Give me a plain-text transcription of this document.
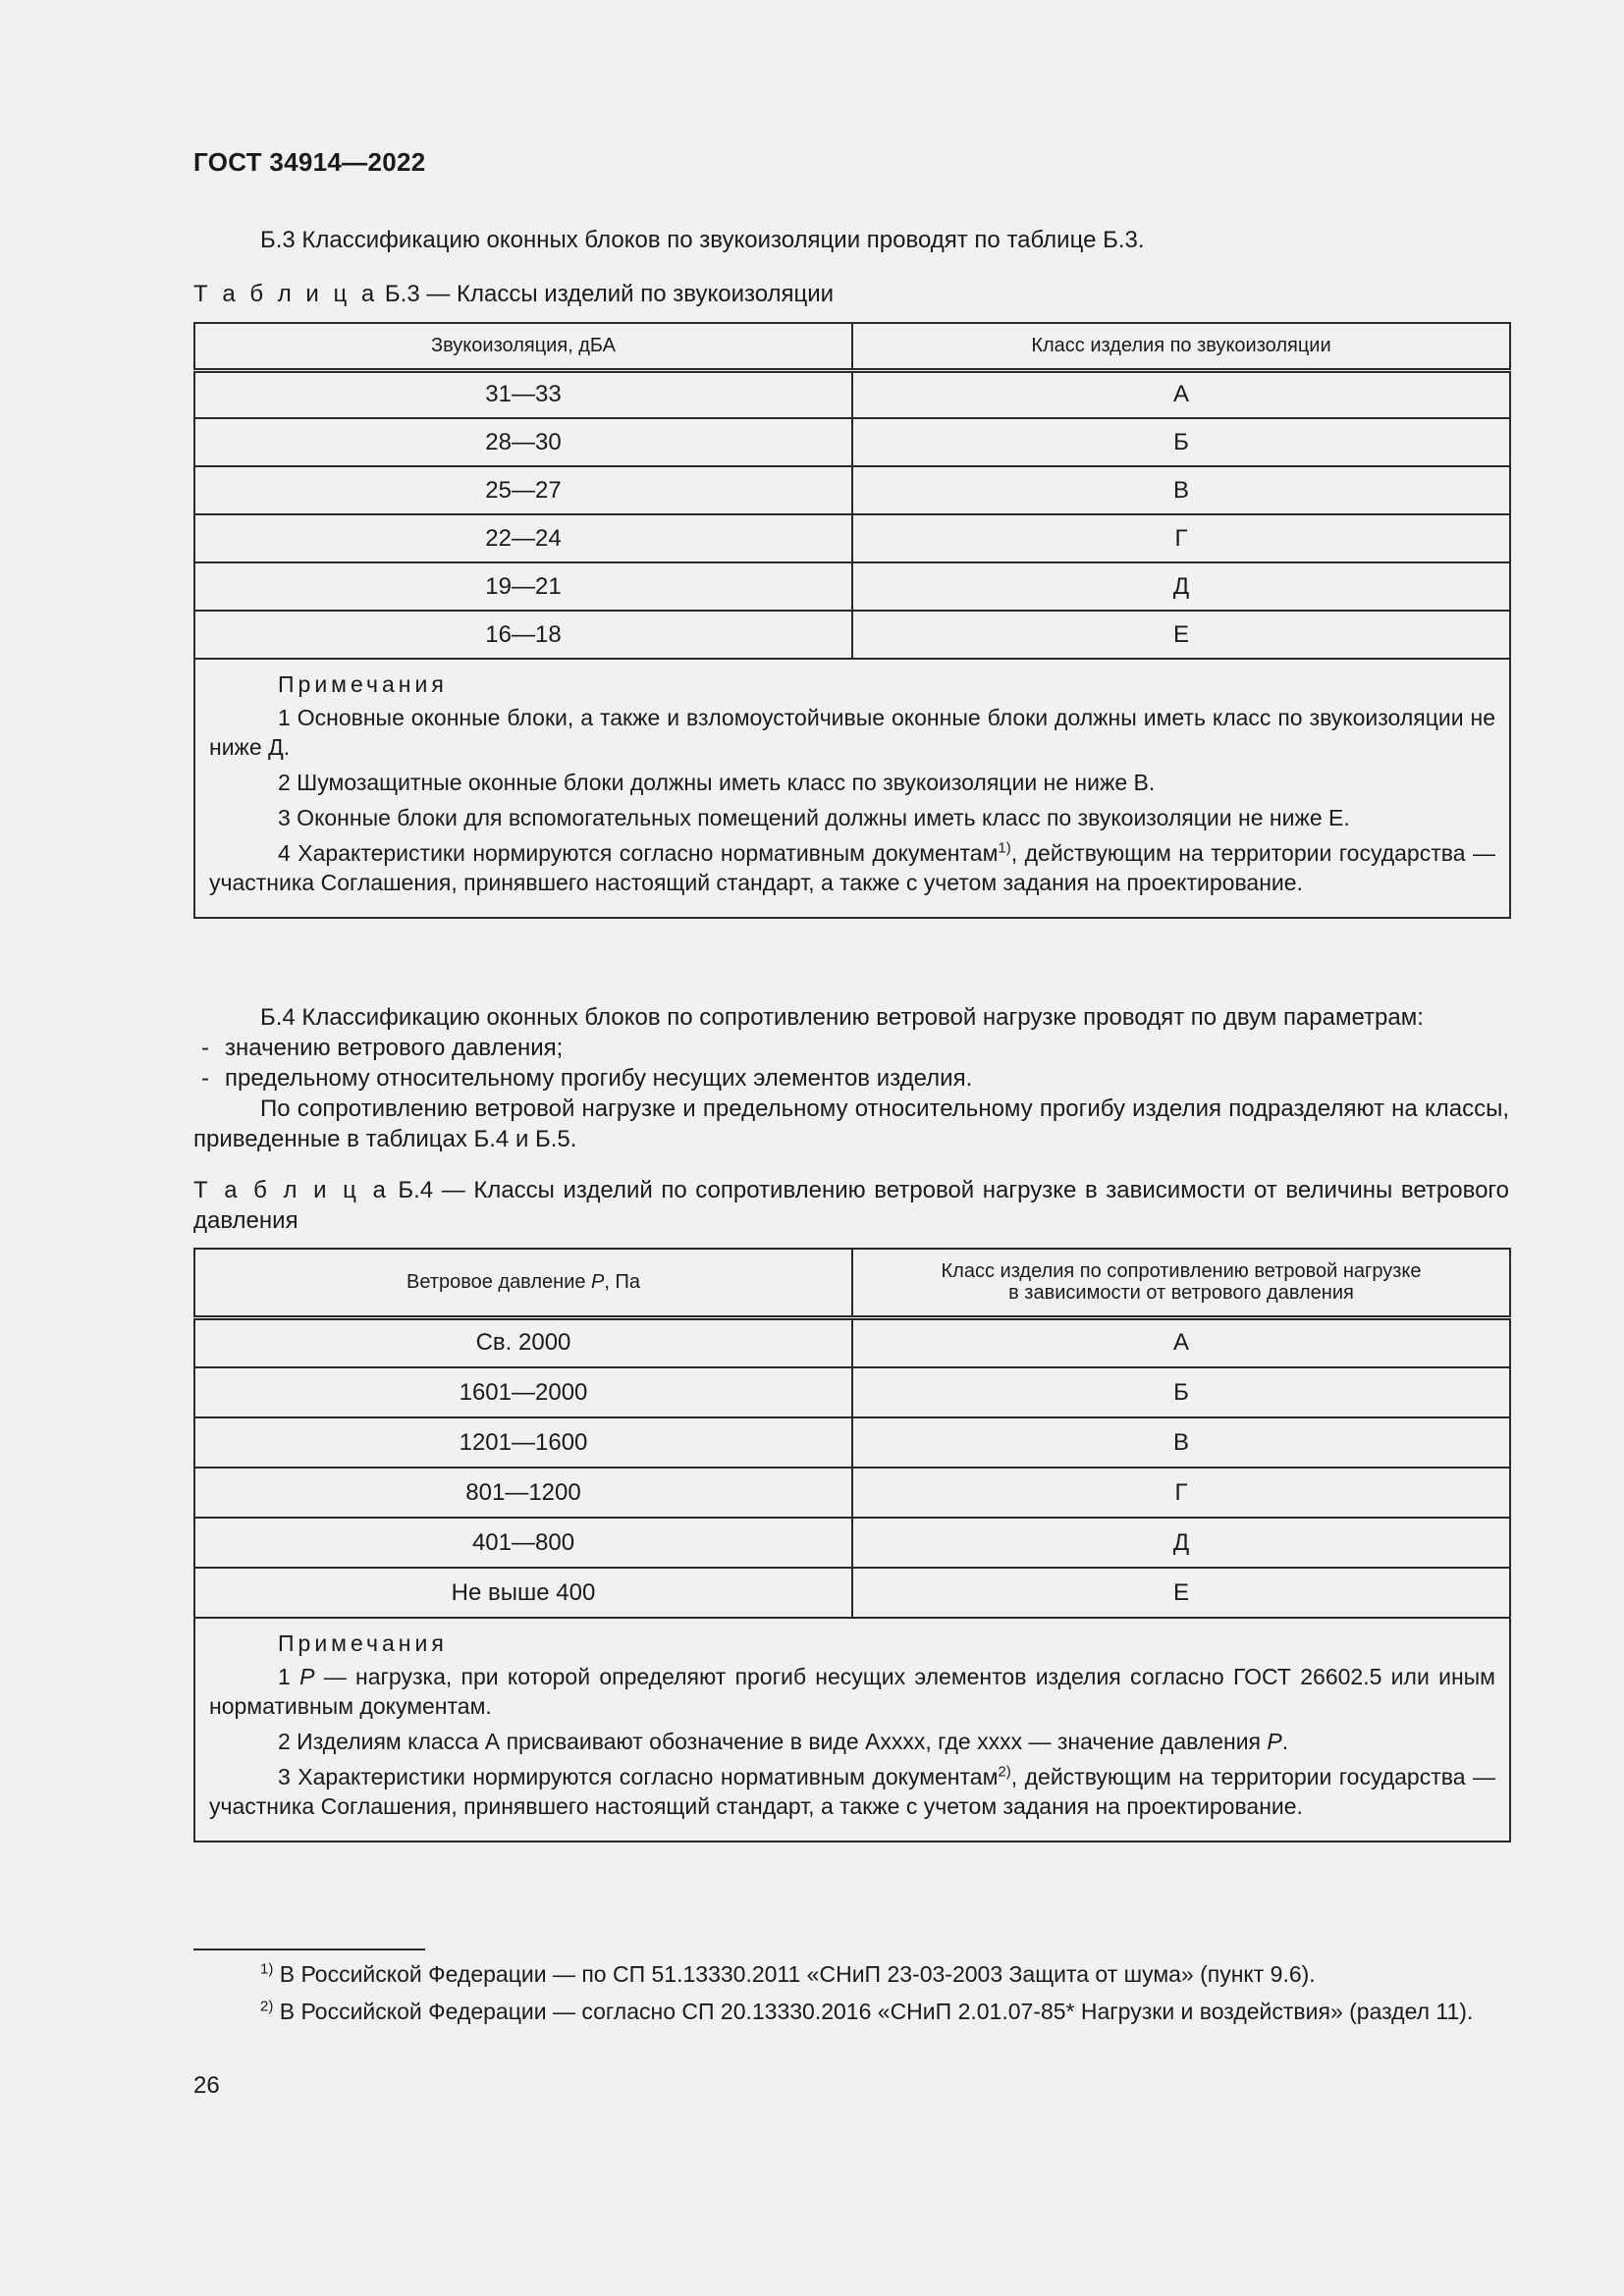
ГОСТ 34914—2022
Б.3 Классификацию оконных блоков по звукоизоляции проводят по таблице Б.3.
Т а б л и ц а Б.3 — Классы изделий по звукоизоляции
Звукоизоляция, дБА	Класс изделия по звукоизоляции
31—33	А
28—30	Б
25—27	В
22—24	Г
19—21	Д
16—18	Е

Примечания

1 Основные оконные блоки, а также и взломоустойчивые оконные блоки должны иметь класс по звукоизоляции не ниже Д.

2 Шумозащитные оконные блоки должны иметь класс по звукоизоляции не ниже В.

3 Оконные блоки для вспомогательных помещений должны иметь класс по звукоизоляции не ниже Е.

4 Характеристики нормируются согласно нормативным документам$^{1)}$, действующим на территории государства — участника Соглашения, принявшего настоящий стандарт, а также с учетом задания на проектирование.	

Б.4 Классификацию оконных блоков по сопротивлению ветровой нагрузке проводят по двум параметрам:
- значению ветрового давления;
- предельному относительному прогибу несущих элементов изделия.
По сопротивлению ветровой нагрузке и предельному относительному прогибу изделия подразделяют на классы, приведенные в таблицах Б.4 и Б.5.
Т а б л и ц а Б.4 — Классы изделий по сопротивлению ветровой нагрузке в зависимости от величины ветрового давления
Ветровое давление P, Па	Класс изделия по сопротивлению ветровой нагрузке
в зависимости от ветрового давления

Св. 2000	А
1601—2000	Б
1201—1600	В
801—1200	Г
401—800	Д
Не выше 400	Е

Примечания

1 P — нагрузка, при которой определяют прогиб несущих элементов изделия согласно ГОСТ 26602.5 или иным нормативным документам.

2 Изделиям класса А присваивают обозначение в виде Аxxxx, где xxxx — значение давления P.

3 Характеристики нормируются согласно нормативным документам$^{2)}$, действующим на территории государства — участника Соглашения, принявшего настоящий стандарт, а также с учетом задания на проектирование.	

$^{1)}$ В Российской Федерации — по СП 51.13330.2011 «СНиП 23-03-2003 Защита от шума» (пункт 9.6).
$^{2)}$ В Российской Федерации — согласно СП 20.13330.2016 «СНиП 2.01.07-85* Нагрузки и воздействия» (раздел 11).
26
